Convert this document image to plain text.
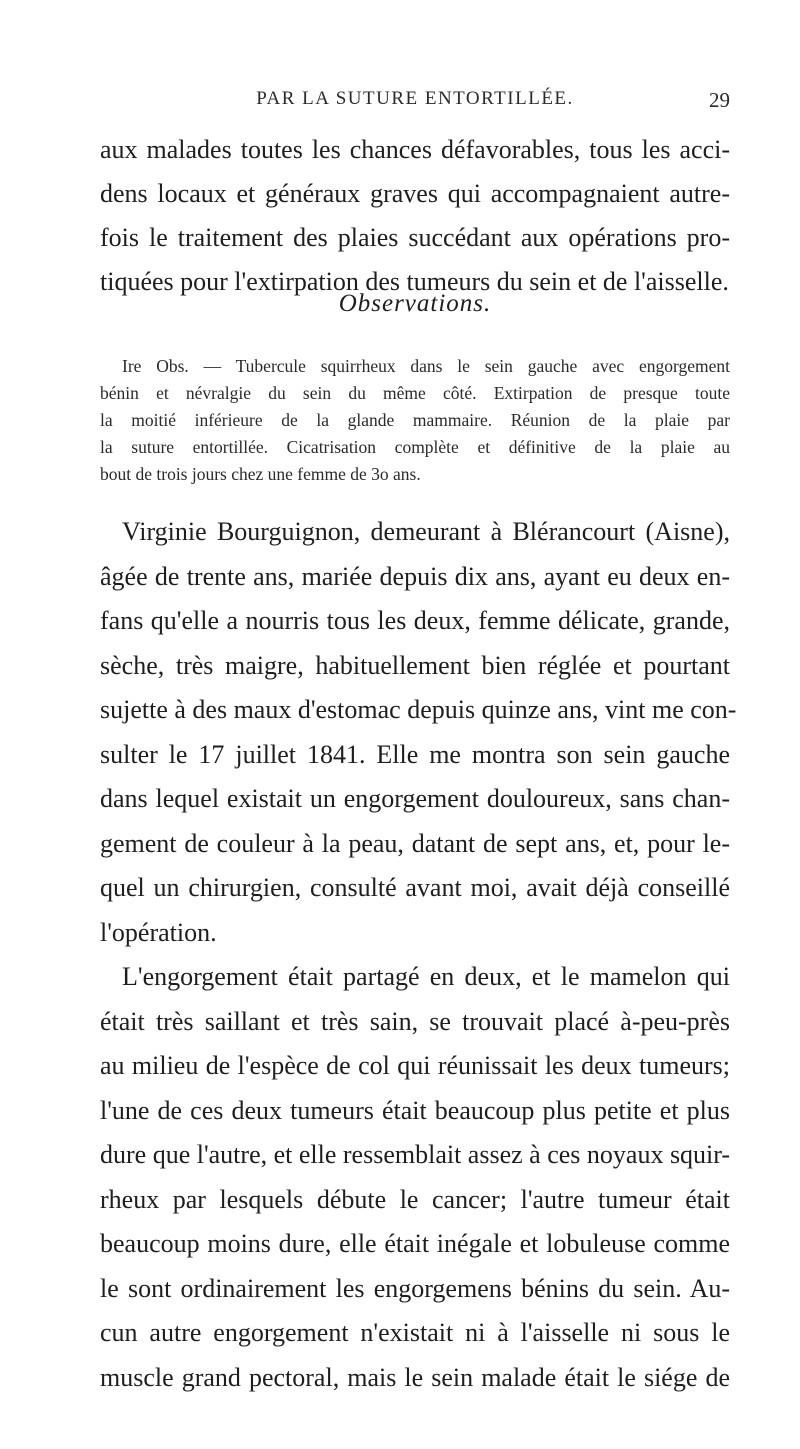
PAR LA SUTURE ENTORTILLÉE.	29
aux malades toutes les chances défavorables, tous les acci-
dens locaux et généraux graves qui accompagnaient autre-
fois le traitement des plaies succédant aux opérations pro-
tiquées pour l'extirpation des tumeurs du sein et de l'aisselle.
Observations.
Ire Obs. — Tubercule squirrheux dans le sein gauche avec engorgement
bénin et névralgie du sein du même côté. Extirpation de presque toute
la moitié inférieure de la glande mammaire. Réunion de la plaie par
la suture entortillée. Cicatrisation complète et définitive de la plaie au
bout de trois jours chez une femme de 3o ans.
Virginie Bourguignon, demeurant à Blérancourt (Aisne),
âgée de trente ans, mariée depuis dix ans, ayant eu deux en-
fans qu'elle a nourris tous les deux, femme délicate, grande,
sèche, très maigre, habituellement bien réglée et pourtant
sujette à des maux d'estomac depuis quinze ans, vint me con-
sulter le 17 juillet 1841. Elle me montra son sein gauche
dans lequel existait un engorgement douloureux, sans chan-
gement de couleur à la peau, datant de sept ans, et, pour le-
quel un chirurgien, consulté avant moi, avait déjà conseillé
l'opération.
L'engorgement était partagé en deux, et le mamelon qui
était très saillant et très sain, se trouvait placé à-peu-près
au milieu de l'espèce de col qui réunissait les deux tumeurs;
l'une de ces deux tumeurs était beaucoup plus petite et plus
dure que l'autre, et elle ressemblait assez à ces noyaux squir-
rheux par lesquels débute le cancer; l'autre tumeur était
beaucoup moins dure, elle était inégale et lobuleuse comme
le sont ordinairement les engorgemens bénins du sein. Au-
cun autre engorgement n'existait ni à l'aisselle ni sous le
muscle grand pectoral, mais le sein malade était le siége de
